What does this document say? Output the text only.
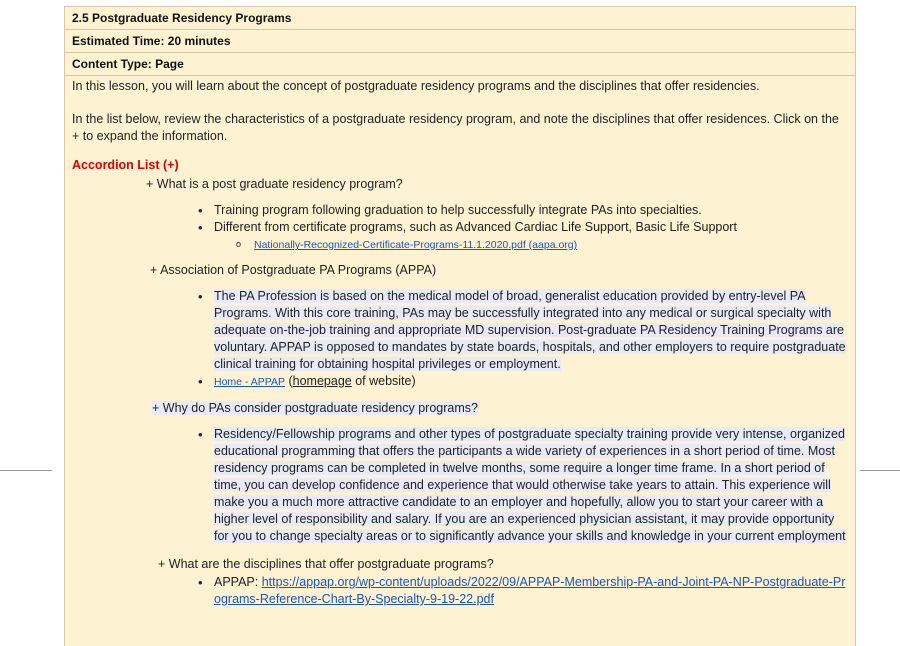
2.5 Postgraduate Residency Programs
Estimated Time: 20 minutes
Content Type: Page

In this lesson, you will learn about the concept of postgraduate residency programs and the disciplines that offer residencies.

In the list below, review the characteristics of a postgraduate residency program, and note the disciplines that offer residences. Click on the + to expand the information.

Accordion List (+)
+ What is a post graduate residency program?
• Training program following graduation to help successfully integrate PAs into specialties.
• Different from certificate programs, such as Advanced Cardiac Life Support, Basic Life Support
o Nationally-Recognized-Certificate-Programs-11.1.2020.pdf (aapa.org)
+ Association of Postgraduate PA Programs (APPA)
• The PA Profession is based on the medical model of broad, generalist education provided by entry-level PA Programs. With this core training, PAs may be successfully integrated into any medical or surgical specialty with adequate on-the-job training and appropriate MD supervision. Post-graduate PA Residency Training Programs are voluntary. APPAP is opposed to mandates by state boards, hospitals, and other employers to require postgraduate clinical training for obtaining hospital privileges or employment.
• Home - APPAP (homepage of website)
+ Why do PAs consider postgraduate residency programs?
• Residency/Fellowship programs and other types of postgraduate specialty training provide very intense, organized educational programming that offers the participants a wide variety of experiences in a short period of time. Most residency programs can be completed in twelve months, some require a longer time frame. In a short period of time, you can develop confidence and experience that would otherwise take years to attain. This experience will make you a much more attractive candidate to an employer and hopefully, allow you to start your career with a higher level of responsibility and salary. If you are an experienced physician assistant, it may provide opportunity for you to change specialty areas or to significantly advance your skills and knowledge in your current employment
+ What are the disciplines that offer postgraduate programs?
• APPAP: https://appap.org/wp-content/uploads/2022/09/APPAP-Membership-PA-and-Joint-PA-NP-Postgraduate-Programs-Reference-Chart-By-Specialty-9-19-22.pdf
